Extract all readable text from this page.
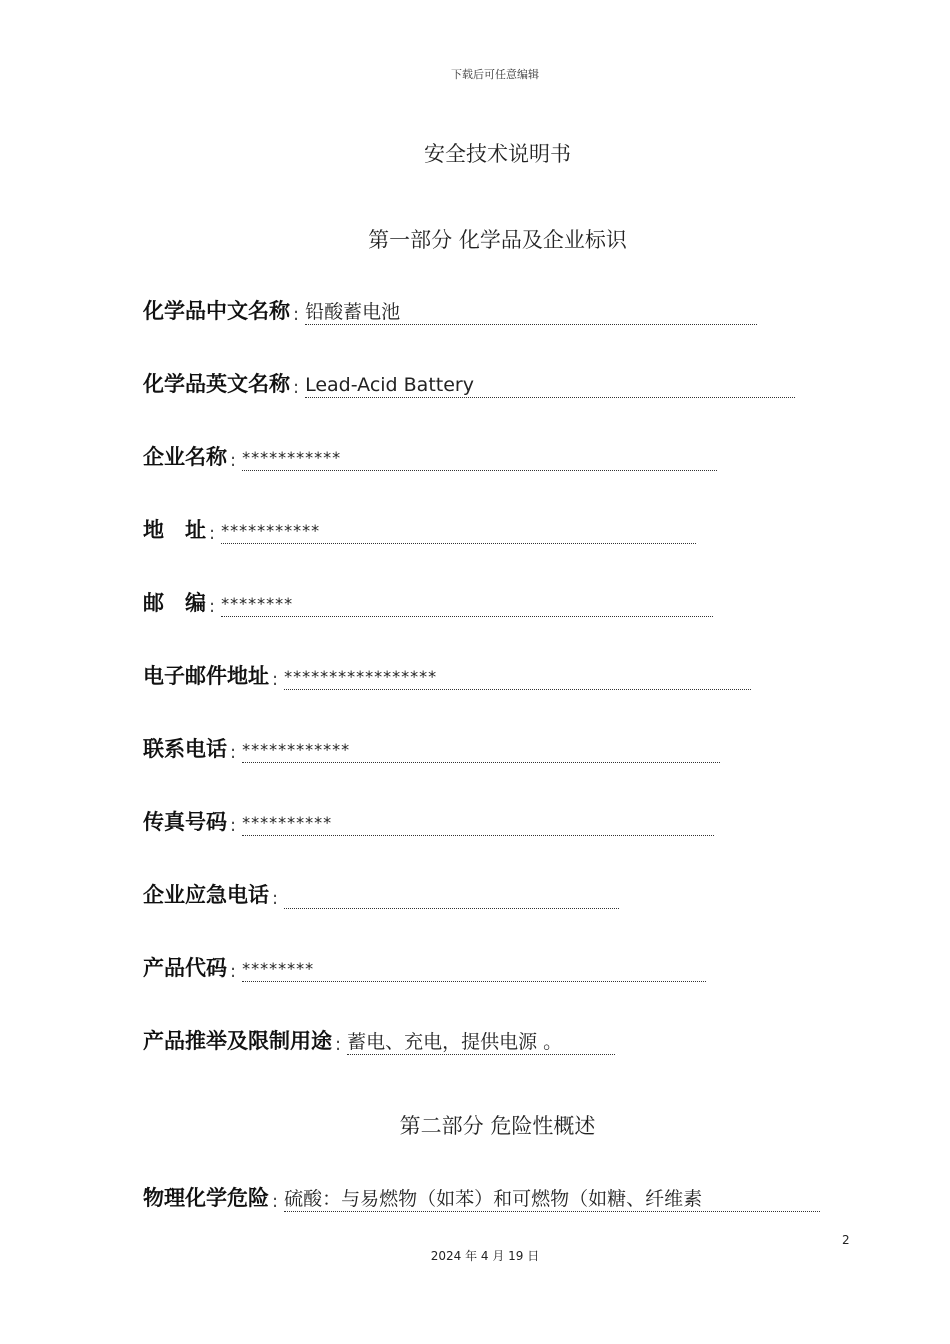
下载后可任意编辑
安全技术说明书
第一部分 化学品及企业标识
化学品中文名称 : 铅酸蓄电池
化学品英文名称 : Lead-Acid Battery
企业名称 : ***********
地　址 : ***********
邮　编 : ********
电子邮件地址 : *****************
联系电话 : ************
传真号码 : **********
企业应急电话 :
产品代码 : ********
产品推举及限制用途 : 蓄电、充电，提供电源 。
第二部分 危险性概述
物理化学危险 : 硫酸：与易燃物（如苯）和可燃物（如糖、纤维素
2
2024 年 4 月 19 日
